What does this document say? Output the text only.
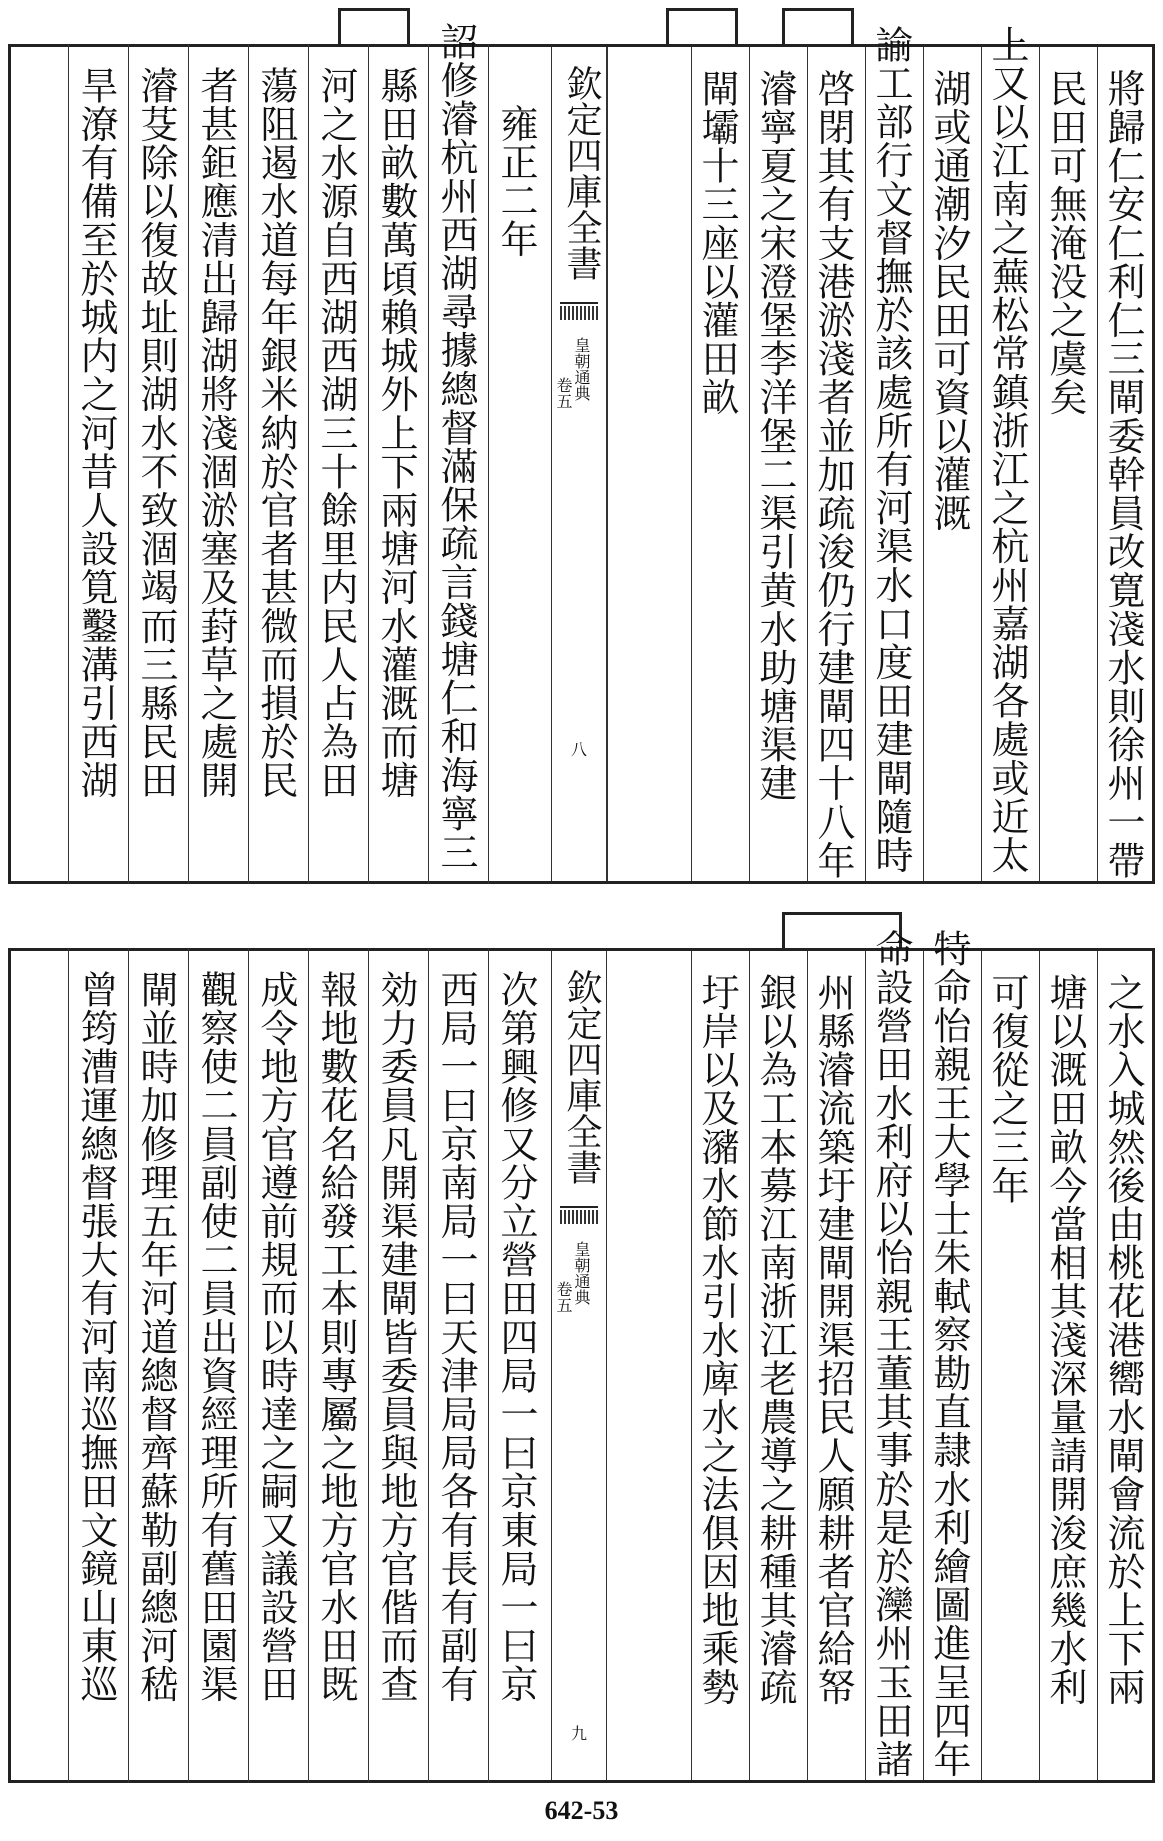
將歸仁安仁利仁三閘委幹員改寛淺水則徐州一帶
民田可無淹没之虞矣
上又以江南之蕪松常鎮浙江之杭州嘉湖各處或近太
湖或通潮汐民田可資以灌溉
諭工部行文督撫於該處所有河渠水口度田建閘隨時
啓閉其有支港淤淺者並加疏浚仍行建閘四十八年
濬寧夏之宋澄堡李洋堡二渠引黄水助塘渠建
閘壩十三座以灌田畝
欽定四庫全書
皇朝通典
卷五
八
雍正二年
詔修濬杭州西湖尋據總督滿保疏言錢塘仁和海寧三
縣田畝數萬頃賴城外上下兩塘河水灌溉而塘
河之水源自西湖西湖三十餘里内民人占為田
蕩阻遏水道每年銀米納於官者甚微而損於民
者甚鉅應清出歸湖將淺涸淤塞及葑草之處開
濬芟除以復故址則湖水不致涸竭而三縣民田
旱潦有備至於城内之河昔人設筧鑿溝引西湖
之水入城然後由桃花港嚮水閘會流於上下兩
塘以溉田畝今當相其淺深量請開浚庶幾水利
可復從之三年
特命怡親王大學士朱軾察勘直隷水利繪圖進呈四年
命設營田水利府以怡親王董其事於是於灤州玉田諸
州縣濬流築圩建閘開渠招民人願耕者官給帑
銀以為工本募江南浙江老農導之耕種其濬疏
圩岸以及瀦水節水引水庳水之法俱因地乘勢
欽定四庫全書
皇朝通典
卷五
九
次第興修又分立營田四局一曰京東局一曰京
西局一曰京南局一曰天津局局各有長有副有
効力委員凡開渠建閘皆委員與地方官偕而查
報地數花名給發工本則專屬之地方官水田既
成令地方官遵前規而以時達之嗣又議設營田
觀察使二員副使二員出資經理所有舊田園渠
閘並時加修理五年河道總督齊蘇勒副總河嵇
曾筠漕運總督張大有河南巡撫田文鏡山東巡
642-53
